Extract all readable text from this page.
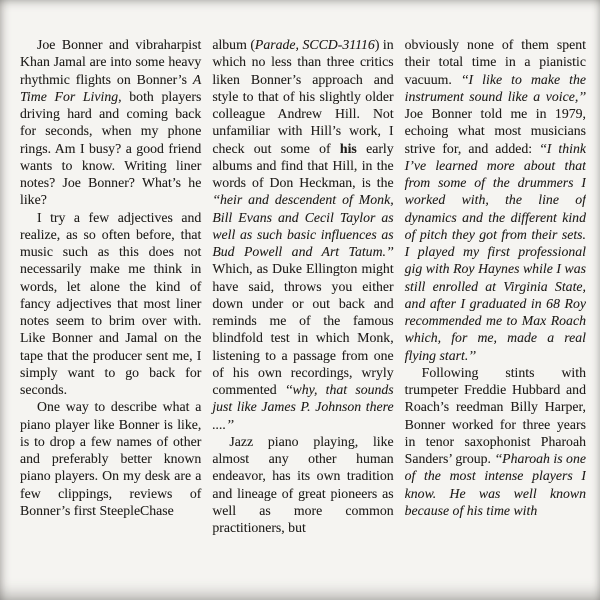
Joe Bonner and vibraharpist Khan Jamal are into some heavy rhythmic flights on Bonner’s A Time For Living, both players driving hard and coming back for seconds, when my phone rings. Am I busy? a good friend wants to know. Writing liner notes? Joe Bonner? What’s he like?

I try a few adjectives and realize, as so often before, that music such as this does not necessarily make me think in words, let alone the kind of fancy adjectives that most liner notes seem to brim over with. Like Bonner and Jamal on the tape that the producer sent me, I simply want to go back for seconds.

One way to describe what a piano player like Bonner is like, is to drop a few names of other and preferably better known piano players. On my desk are a few clippings, reviews of Bonner’s first SteepleChase

album (Parade, SCCD-31116) in which no less than three critics liken Bonner’s approach and style to that of his slightly older colleague Andrew Hill. Not unfamiliar with Hill’s work, I check out some of his early albums and find that Hill, in the words of Don Heckman, is the ‘‘heir and descendent of Monk, Bill Evans and Cecil Taylor as well as such basic influences as Bud Powell and Art Tatum.’’ Which, as Duke Ellington might have said, throws you either down under or out back and reminds me of the famous blindfold test in which Monk, listening to a passage from one of his own recordings, wryly commented ‘‘why, that sounds just like James P. Johnson there ....’’

Jazz piano playing, like almost any other human endeavor, has its own tradition and lineage of great pioneers as well as more common practitioners, but

obviously none of them spent their total time in a pianistic vacuum. ‘‘I like to make the instrument sound like a voice,’’ Joe Bonner told me in 1979, echoing what most musicians strive for, and added: ‘‘I think I’ve learned more about that from some of the drummers I worked with, the line of dynamics and the different kind of pitch they got from their sets. I played my first professional gig with Roy Haynes while I was still enrolled at Virginia State, and after I graduated in 68 Roy recommended me to Max Roach which, for me, made a real flying start.’’

Following stints with trumpeter Freddie Hubbard and Roach’s reedman Billy Harper, Bonner worked for three years in tenor saxophonist Pharoah Sanders’ group. ‘‘Pharoah is one of the most intense players I know. He was well known because of his time with
